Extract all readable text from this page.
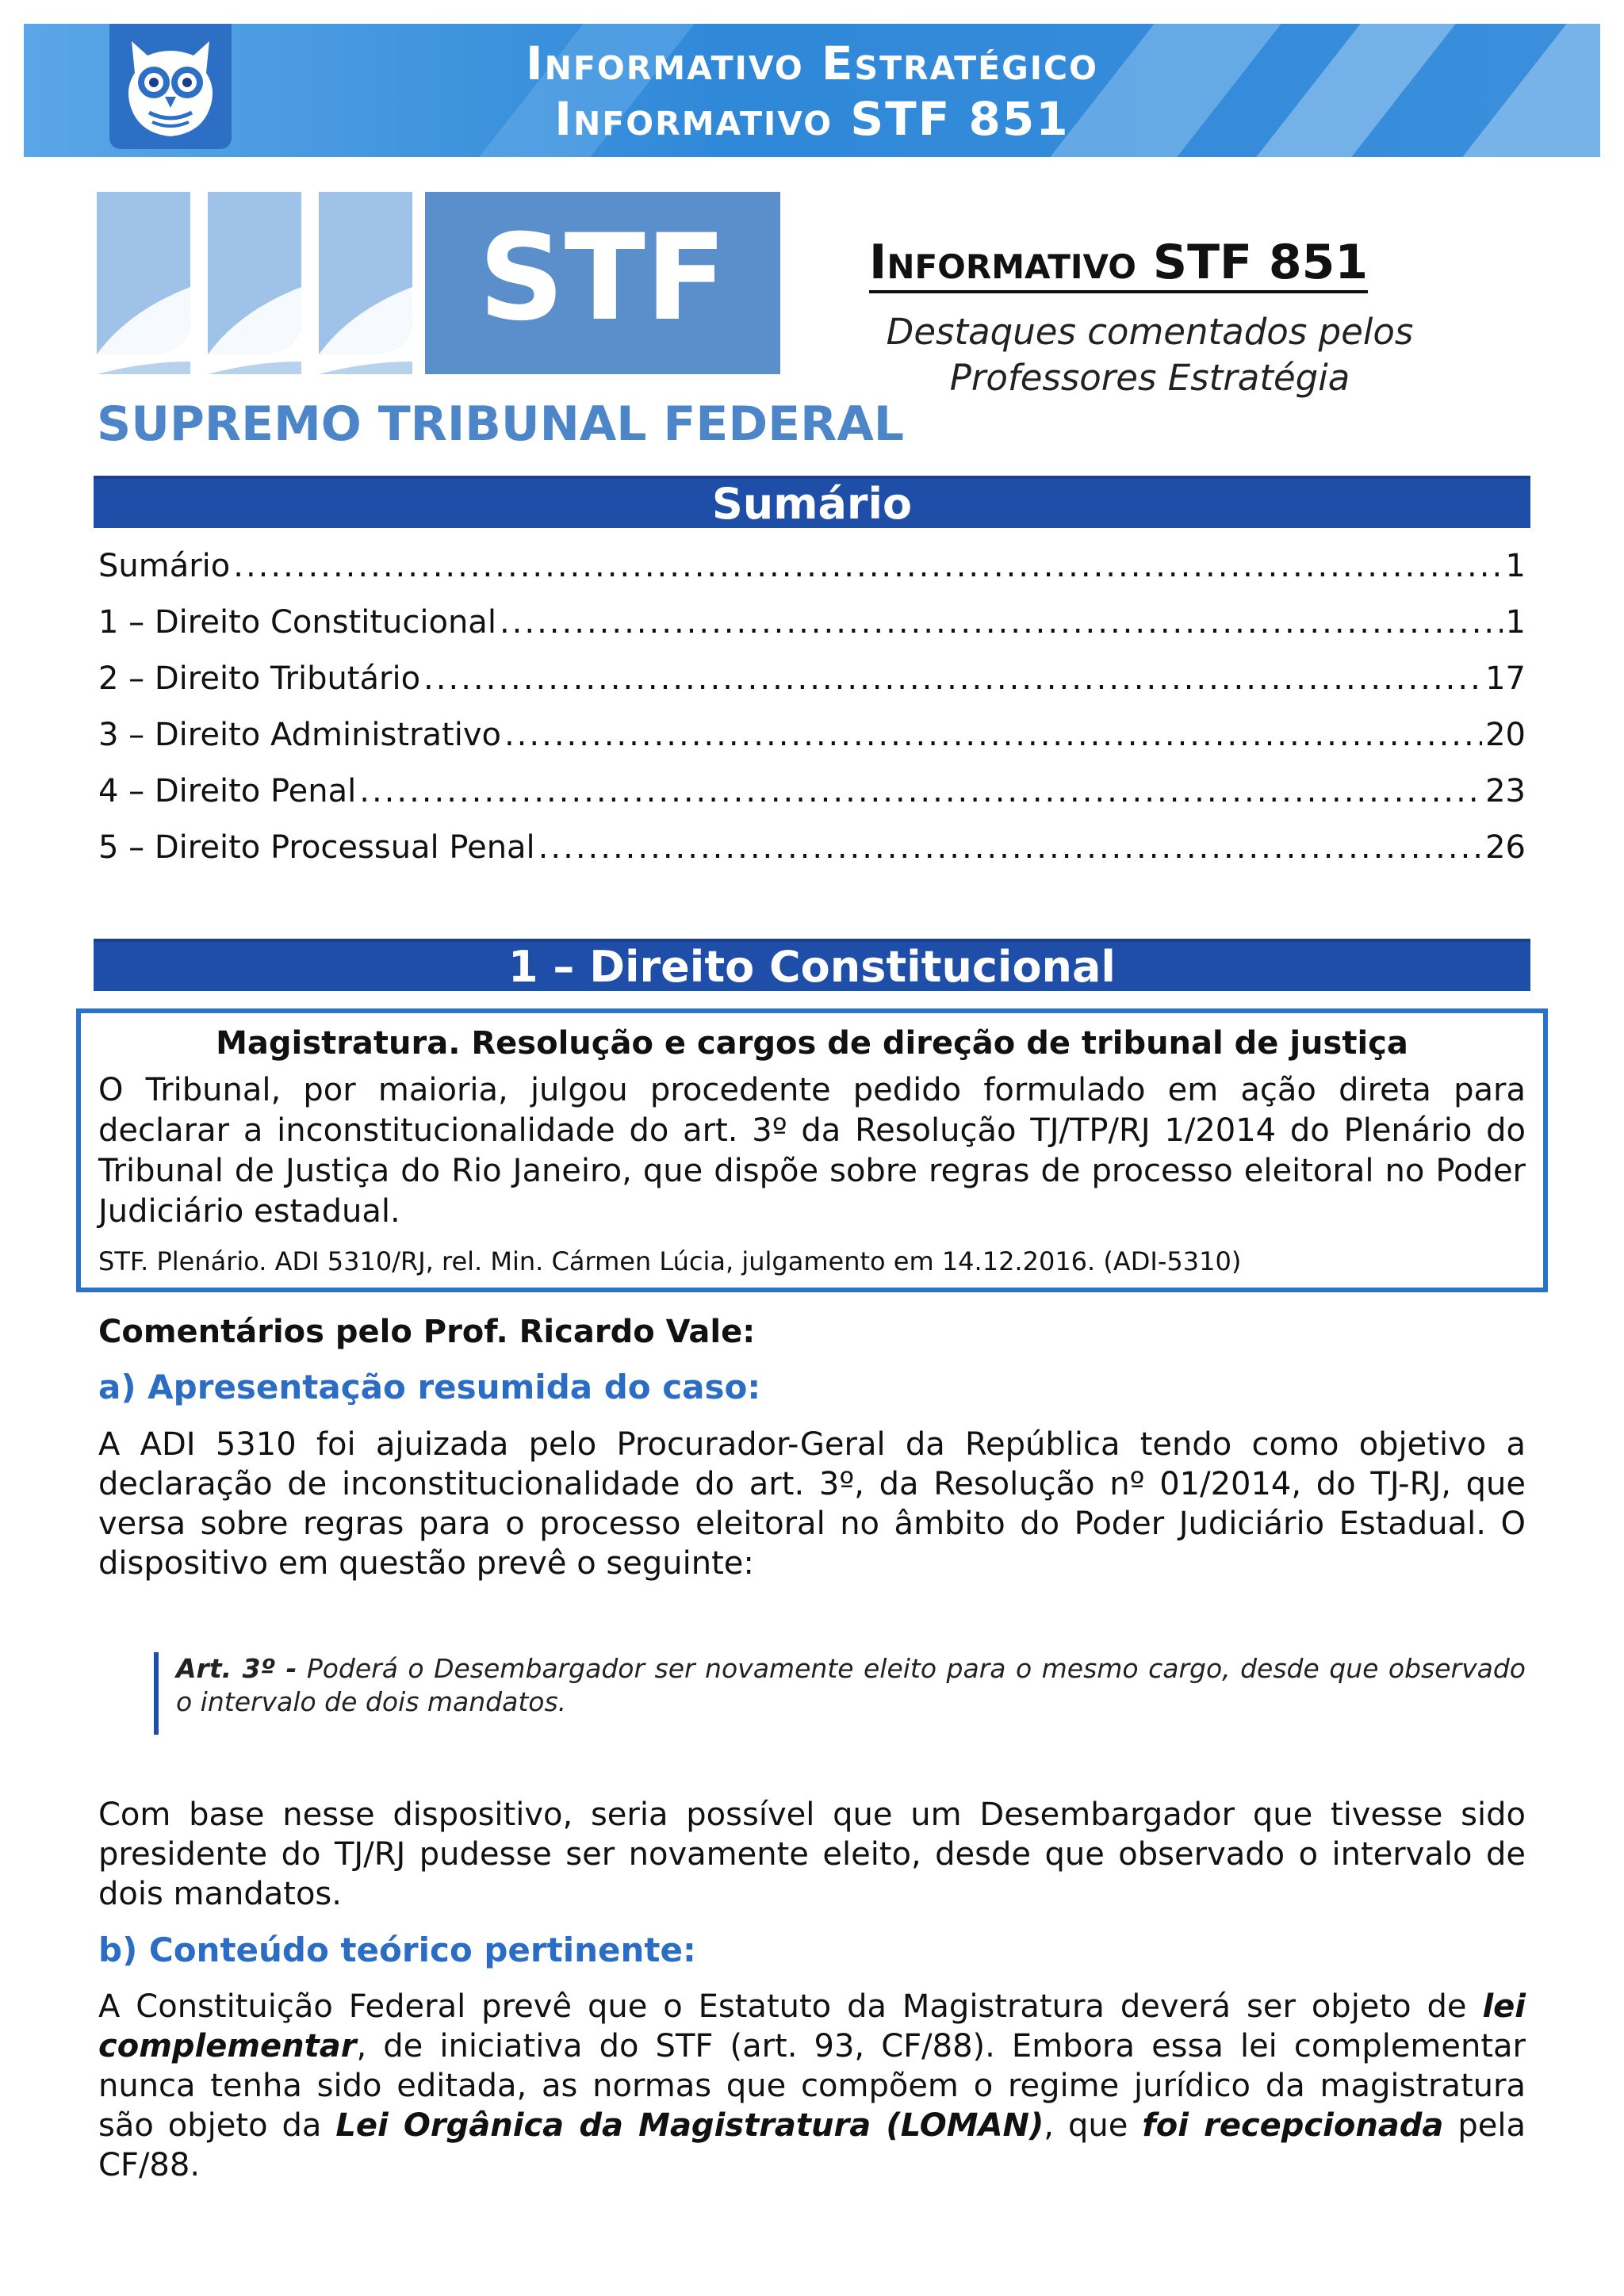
Informativo Estratégico
Informativo STF 851
STF
SUPREMO TRIBUNAL FEDERAL
Informativo STF 851
Destaques comentados pelos
Professores Estratégia
Sumário
Sumário .....	1
1 – Direito Constitucional .....	1
2 – Direito Tributário .....	17
3 – Direito Administrativo .....	20
4 – Direito Penal .....	23
5 – Direito Processual Penal .....	26
1 – Direito Constitucional
Magistratura. Resolução e cargos de direção de tribunal de justiça
O Tribunal, por maioria, julgou procedente pedido formulado em ação direta para declarar a inconstitucionalidade do art. 3º da Resolução TJ/TP/RJ 1/2014 do Plenário do Tribunal de Justiça do Rio Janeiro, que dispõe sobre regras de processo eleitoral no Poder Judiciário estadual.
STF. Plenário. ADI 5310/RJ, rel. Min. Cármen Lúcia, julgamento em 14.12.2016. (ADI-5310)
Comentários pelo Prof. Ricardo Vale:
a) Apresentação resumida do caso:
A ADI 5310 foi ajuizada pelo Procurador-Geral da República tendo como objetivo a declaração de inconstitucionalidade do art. 3º, da Resolução nº 01/2014, do TJ-RJ, que versa sobre regras para o processo eleitoral no âmbito do Poder Judiciário Estadual. O dispositivo em questão prevê o seguinte:
Art. 3º - Poderá o Desembargador ser novamente eleito para o mesmo cargo, desde que observado o intervalo de dois mandatos.
Com base nesse dispositivo, seria possível que um Desembargador que tivesse sido presidente do TJ/RJ pudesse ser novamente eleito, desde que observado o intervalo de dois mandatos.
b) Conteúdo teórico pertinente:
A Constituição Federal prevê que o Estatuto da Magistratura deverá ser objeto de lei complementar, de iniciativa do STF (art. 93, CF/88). Embora essa lei complementar nunca tenha sido editada, as normas que compõem o regime jurídico da magistratura são objeto da Lei Orgânica da Magistratura (LOMAN), que foi recepcionada pela CF/88.
